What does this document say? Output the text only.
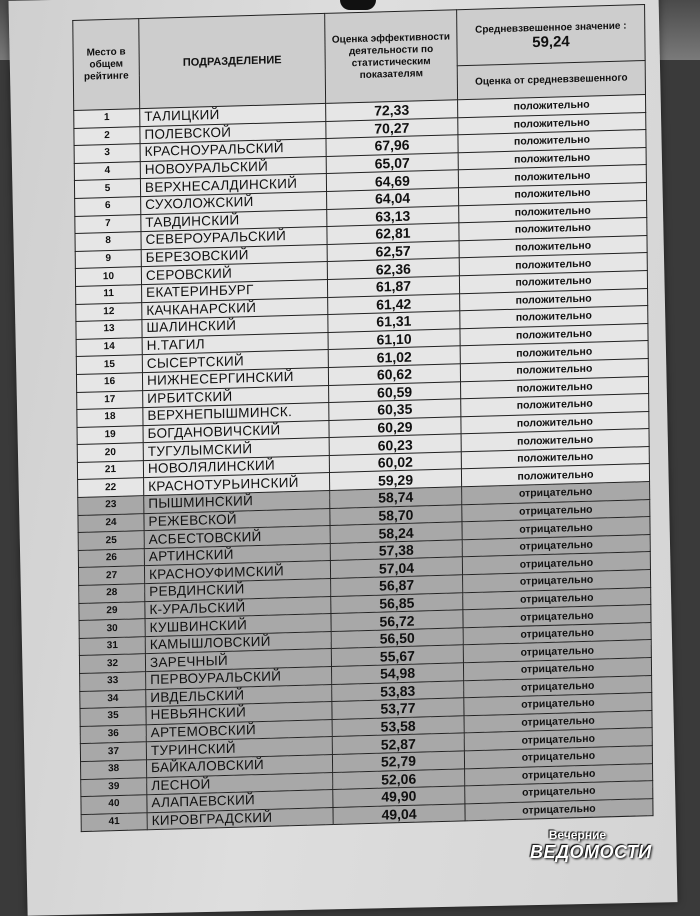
Место в общем рейтинге	ПОДРАЗДЕЛЕНИЕ	Оценка эффективности деятельности по статистическим показателям	Средневзвешенное значение :
59,24

			Оценка от средневзвешенного
1	ТАЛИЦКИЙ	72,33	положительно
2	ПОЛЕВСКОЙ	70,27	положительно
3	КРАСНОУРАЛЬСКИЙ	67,96	положительно
4	НОВОУРАЛЬСКИЙ	65,07	положительно
5	ВЕРХНЕСАЛДИНСКИЙ	64,69	положительно
6	СУХОЛОЖСКИЙ	64,04	положительно
7	ТАВДИНСКИЙ	63,13	положительно
8	СЕВЕРОУРАЛЬСКИЙ	62,81	положительно
9	БЕРЕЗОВСКИЙ	62,57	положительно
10	СЕРОВСКИЙ	62,36	положительно
11	ЕКАТЕРИНБУРГ	61,87	положительно
12	КАЧКАНАРСКИЙ	61,42	положительно
13	ШАЛИНСКИЙ	61,31	положительно
14	Н.ТАГИЛ	61,10	положительно
15	СЫСЕРТСКИЙ	61,02	положительно
16	НИЖНЕСЕРГИНСКИЙ	60,62	положительно
17	ИРБИТСКИЙ	60,59	положительно
18	ВЕРХНЕПЫШМИНСК.	60,35	положительно
19	БОГДАНОВИЧСКИЙ	60,29	положительно
20	ТУГУЛЫМСКИЙ	60,23	положительно
21	НОВОЛЯЛИНСКИЙ	60,02	положительно
22	КРАСНОТУРЬИНСКИЙ	59,29	положительно
23	ПЫШМИНСКИЙ	58,74	отрицательно
24	РЕЖЕВСКОЙ	58,70	отрицательно
25	АСБЕСТОВСКИЙ	58,24	отрицательно
26	АРТИНСКИЙ	57,38	отрицательно
27	КРАСНОУФИМСКИЙ	57,04	отрицательно
28	РЕВДИНСКИЙ	56,87	отрицательно
29	К-УРАЛЬСКИЙ	56,85	отрицательно
30	КУШВИНСКИЙ	56,72	отрицательно
31	КАМЫШЛОВСКИЙ	56,50	отрицательно
32	ЗАРЕЧНЫЙ	55,67	отрицательно
33	ПЕРВОУРАЛЬСКИЙ	54,98	отрицательно
34	ИВДЕЛЬСКИЙ	53,83	отрицательно
35	НЕВЬЯНСКИЙ	53,77	отрицательно
36	АРТЕМОВСКИЙ	53,58	отрицательно
37	ТУРИНСКИЙ	52,87	отрицательно
38	БАЙКАЛОВСКИЙ	52,79	отрицательно
39	ЛЕСНОЙ	52,06	отрицательно
40	АЛАПАЕВСКИЙ	49,90	отрицательно
41	КИРОВГРАДСКИЙ	49,04	отрицательно
Вечерние
ВЕДОМОСТИ
